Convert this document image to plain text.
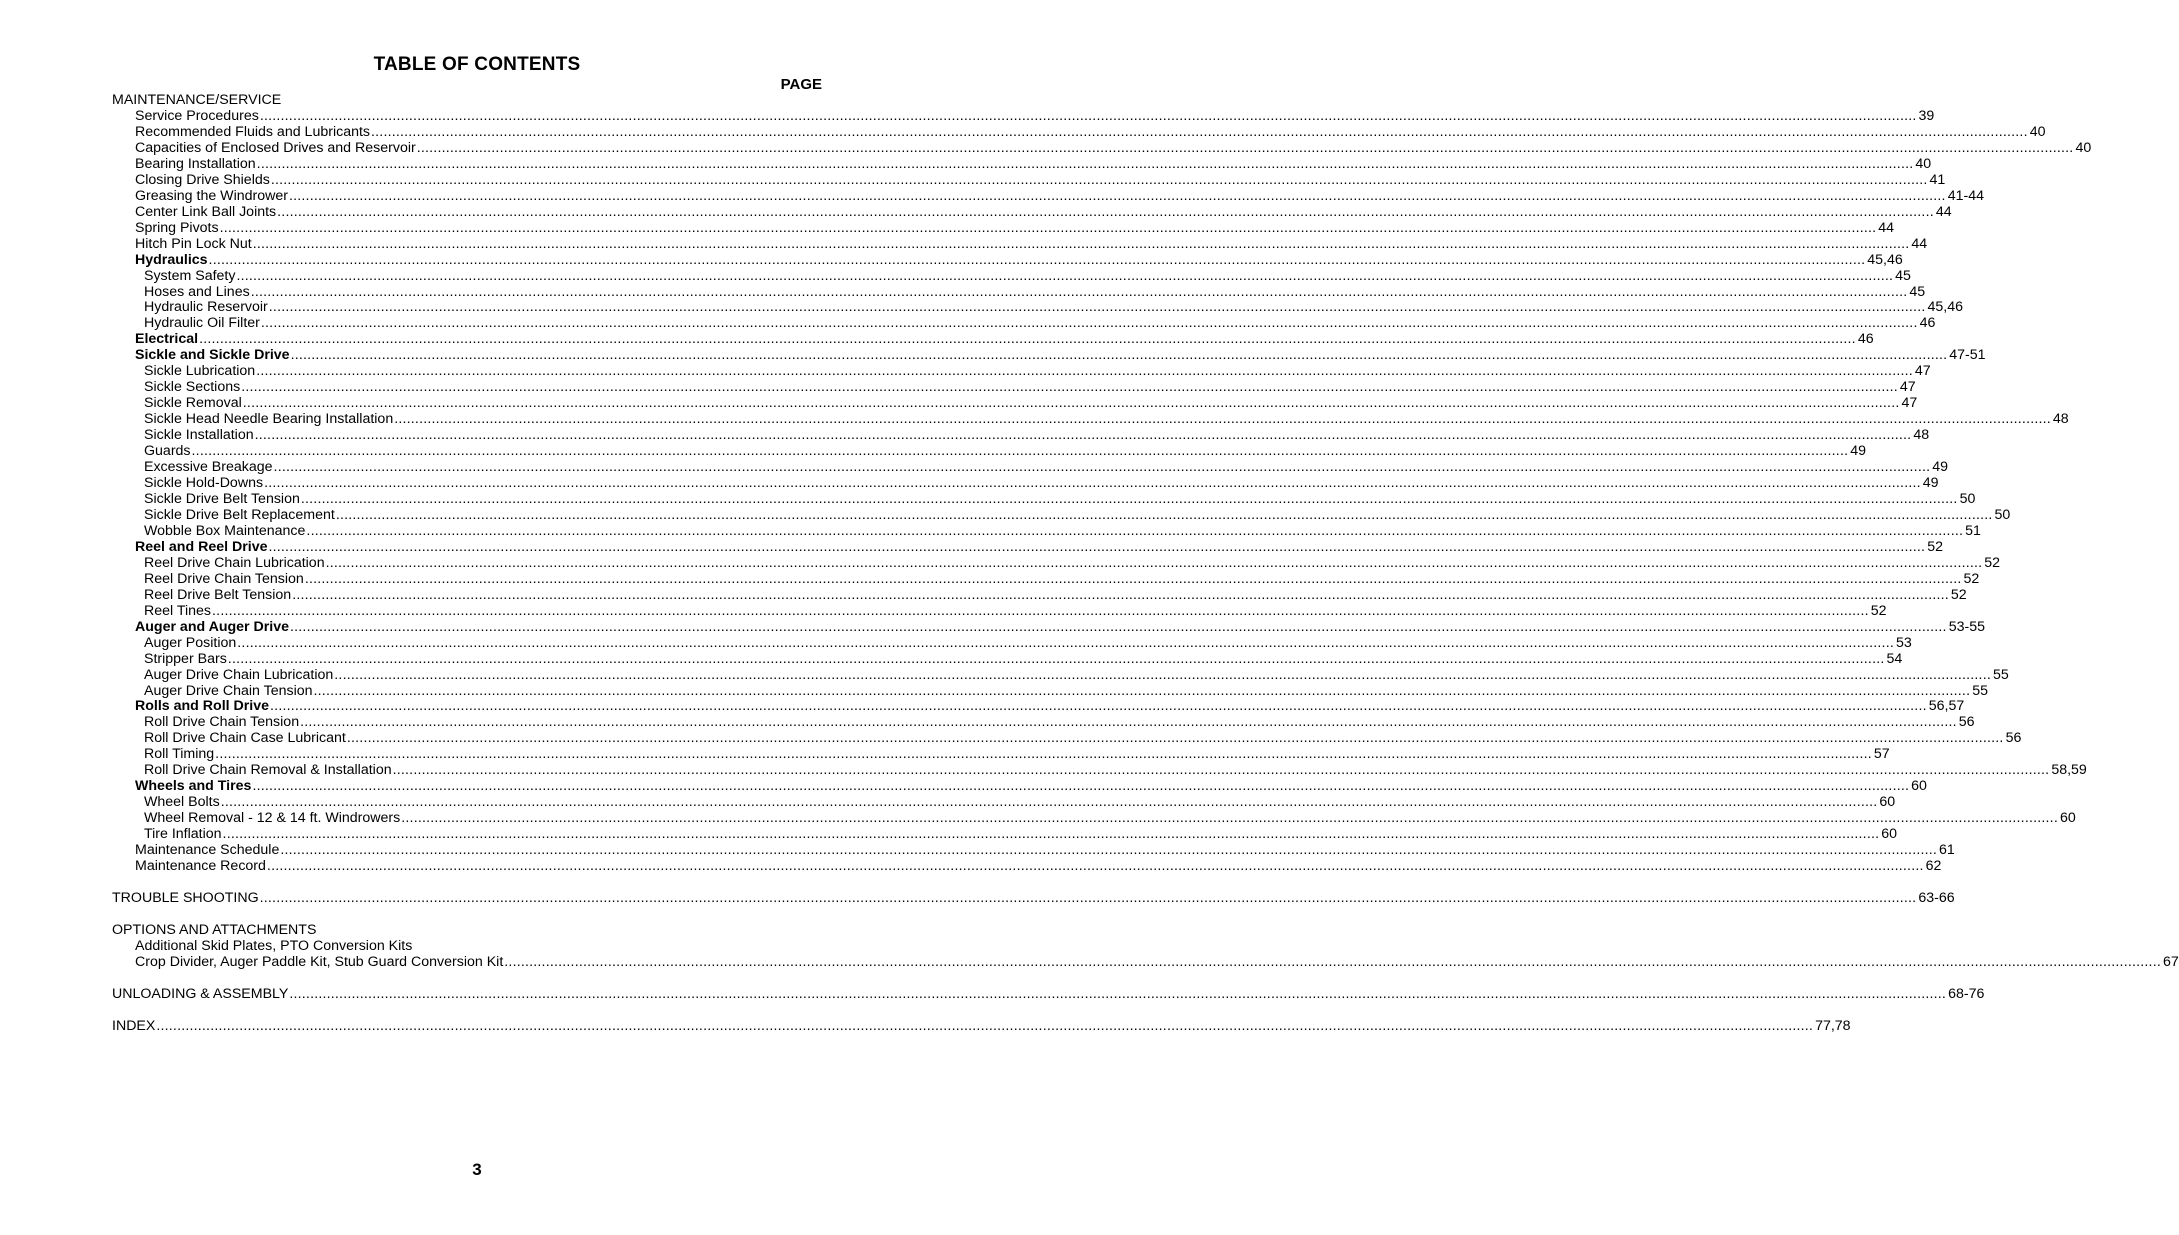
TABLE OF CONTENTS
PAGE
MAINTENANCE/SERVICE
Service Procedures ................................................................................................................................................................................................................................................................................................................................................................................................................ 39
Recommended Fluids and Lubricants ................................................................................................................................................................................................................................................................................................................................................................................................................ 40
Capacities of Enclosed Drives and Reservoir ................................................................................................................................................................................................................................................................................................................................................................................................................ 40
Bearing Installation ................................................................................................................................................................................................................................................................................................................................................................................................................ 40
Closing Drive Shields ................................................................................................................................................................................................................................................................................................................................................................................................................ 41
Greasing the Windrower ................................................................................................................................................................................................................................................................................................................................................................................................................ 41-44
Center Link Ball Joints ................................................................................................................................................................................................................................................................................................................................................................................................................ 44
Spring Pivots ................................................................................................................................................................................................................................................................................................................................................................................................................ 44
Hitch Pin Lock Nut ................................................................................................................................................................................................................................................................................................................................................................................................................ 44
Hydraulics ................................................................................................................................................................................................................................................................................................................................................................................................................ 45,46
System Safety ................................................................................................................................................................................................................................................................................................................................................................................................................ 45
Hoses and Lines ................................................................................................................................................................................................................................................................................................................................................................................................................ 45
Hydraulic Reservoir ................................................................................................................................................................................................................................................................................................................................................................................................................ 45,46
Hydraulic Oil Filter ................................................................................................................................................................................................................................................................................................................................................................................................................ 46
Electrical ................................................................................................................................................................................................................................................................................................................................................................................................................ 46
Sickle and Sickle Drive ................................................................................................................................................................................................................................................................................................................................................................................................................ 47-51
Sickle Lubrication ................................................................................................................................................................................................................................................................................................................................................................................................................ 47
Sickle Sections ................................................................................................................................................................................................................................................................................................................................................................................................................ 47
Sickle Removal ................................................................................................................................................................................................................................................................................................................................................................................................................ 47
Sickle Head Needle Bearing Installation ................................................................................................................................................................................................................................................................................................................................................................................................................ 48
Sickle Installation ................................................................................................................................................................................................................................................................................................................................................................................................................ 48
Guards ................................................................................................................................................................................................................................................................................................................................................................................................................ 49
Excessive Breakage ................................................................................................................................................................................................................................................................................................................................................................................................................ 49
Sickle Hold-Downs ................................................................................................................................................................................................................................................................................................................................................................................................................ 49
Sickle Drive Belt Tension ................................................................................................................................................................................................................................................................................................................................................................................................................ 50
Sickle Drive Belt Replacement ................................................................................................................................................................................................................................................................................................................................................................................................................ 50
Wobble Box Maintenance ................................................................................................................................................................................................................................................................................................................................................................................................................ 51
Reel and Reel Drive ................................................................................................................................................................................................................................................................................................................................................................................................................ 52
Reel Drive Chain Lubrication ................................................................................................................................................................................................................................................................................................................................................................................................................ 52
Reel Drive Chain Tension ................................................................................................................................................................................................................................................................................................................................................................................................................ 52
Reel Drive Belt Tension ................................................................................................................................................................................................................................................................................................................................................................................................................ 52
Reel Tines ................................................................................................................................................................................................................................................................................................................................................................................................................ 52
Auger and Auger Drive ................................................................................................................................................................................................................................................................................................................................................................................................................ 53-55
Auger Position ................................................................................................................................................................................................................................................................................................................................................................................................................ 53
Stripper Bars ................................................................................................................................................................................................................................................................................................................................................................................................................ 54
Auger Drive Chain Lubrication ................................................................................................................................................................................................................................................................................................................................................................................................................ 55
Auger Drive Chain Tension ................................................................................................................................................................................................................................................................................................................................................................................................................ 55
Rolls and Roll Drive ................................................................................................................................................................................................................................................................................................................................................................................................................ 56,57
Roll Drive Chain Tension ................................................................................................................................................................................................................................................................................................................................................................................................................ 56
Roll Drive Chain Case Lubricant ................................................................................................................................................................................................................................................................................................................................................................................................................ 56
Roll Timing ................................................................................................................................................................................................................................................................................................................................................................................................................ 57
Roll Drive Chain Removal & Installation ................................................................................................................................................................................................................................................................................................................................................................................................................ 58,59
Wheels and Tires ................................................................................................................................................................................................................................................................................................................................................................................................................ 60
Wheel Bolts ................................................................................................................................................................................................................................................................................................................................................................................................................ 60
Wheel Removal - 12 & 14 ft. Windrowers ................................................................................................................................................................................................................................................................................................................................................................................................................ 60
Tire Inflation ................................................................................................................................................................................................................................................................................................................................................................................................................ 60
Maintenance Schedule ................................................................................................................................................................................................................................................................................................................................................................................................................ 61
Maintenance Record ................................................................................................................................................................................................................................................................................................................................................................................................................ 62
TROUBLE SHOOTING ................................................................................................................................................................................................................................................................................................................................................................................................................ 63-66
OPTIONS AND ATTACHMENTS
Additional Skid Plates, PTO Conversion Kits
Crop Divider, Auger Paddle Kit, Stub Guard Conversion Kit ................................................................................................................................................................................................................................................................................................................................................................................................................ 67
UNLOADING & ASSEMBLY ................................................................................................................................................................................................................................................................................................................................................................................................................ 68-76
INDEX ................................................................................................................................................................................................................................................................................................................................................................................................................ 77,78
3
